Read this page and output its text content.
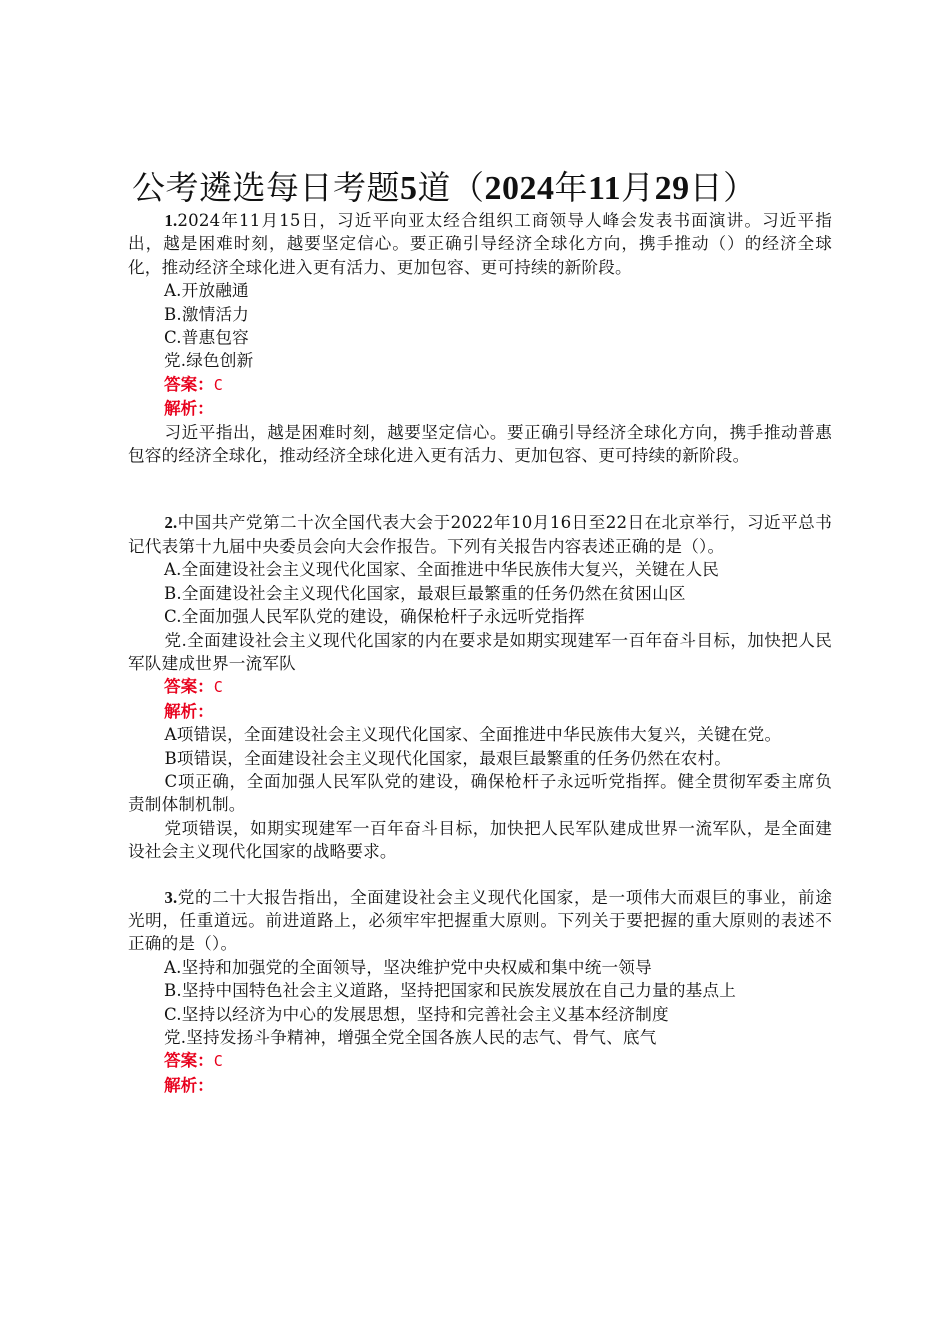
公考遴选每日考题5道（2024年11月29日）

1.2024年11月15日，习近平向亚太经合组织工商领导人峰会发表书面演讲。习近平指出，越是困难时刻，越要坚定信心。要正确引导经济全球化方向，携手推动（）的经济全球化，推动经济全球化进入更有活力、更加包容、更可持续的新阶段。

A.开放融通

B.激情活力

C.普惠包容

党.绿色创新

答案：C

解析：

习近平指出，越是困难时刻，越要坚定信心。要正确引导经济全球化方向，携手推动普惠包容的经济全球化，推动经济全球化进入更有活力、更加包容、更可持续的新阶段。

2.中国共产党第二十次全国代表大会于2022年10月16日至22日在北京举行，习近平总书记代表第十九届中央委员会向大会作报告。下列有关报告内容表述正确的是（）。

A.全面建设社会主义现代化国家、全面推进中华民族伟大复兴，关键在人民

B.全面建设社会主义现代化国家，最艰巨最繁重的任务仍然在贫困山区

C.全面加强人民军队党的建设，确保枪杆子永远听党指挥

党.全面建设社会主义现代化国家的内在要求是如期实现建军一百年奋斗目标，加快把人民军队建成世界一流军队

答案：C

解析：

A项错误，全面建设社会主义现代化国家、全面推进中华民族伟大复兴，关键在党。

B项错误，全面建设社会主义现代化国家，最艰巨最繁重的任务仍然在农村。

C项正确，全面加强人民军队党的建设，确保枪杆子永远听党指挥。健全贯彻军委主席负责制体制机制。

党项错误，如期实现建军一百年奋斗目标，加快把人民军队建成世界一流军队，是全面建设社会主义现代化国家的战略要求。

3.党的二十大报告指出，全面建设社会主义现代化国家，是一项伟大而艰巨的事业，前途光明，任重道远。前进道路上，必须牢牢把握重大原则。下列关于要把握的重大原则的表述不正确的是（）。

A.坚持和加强党的全面领导，坚决维护党中央权威和集中统一领导

B.坚持中国特色社会主义道路，坚持把国家和民族发展放在自己力量的基点上

C.坚持以经济为中心的发展思想，坚持和完善社会主义基本经济制度

党.坚持发扬斗争精神，增强全党全国各族人民的志气、骨气、底气

答案：C

解析：
